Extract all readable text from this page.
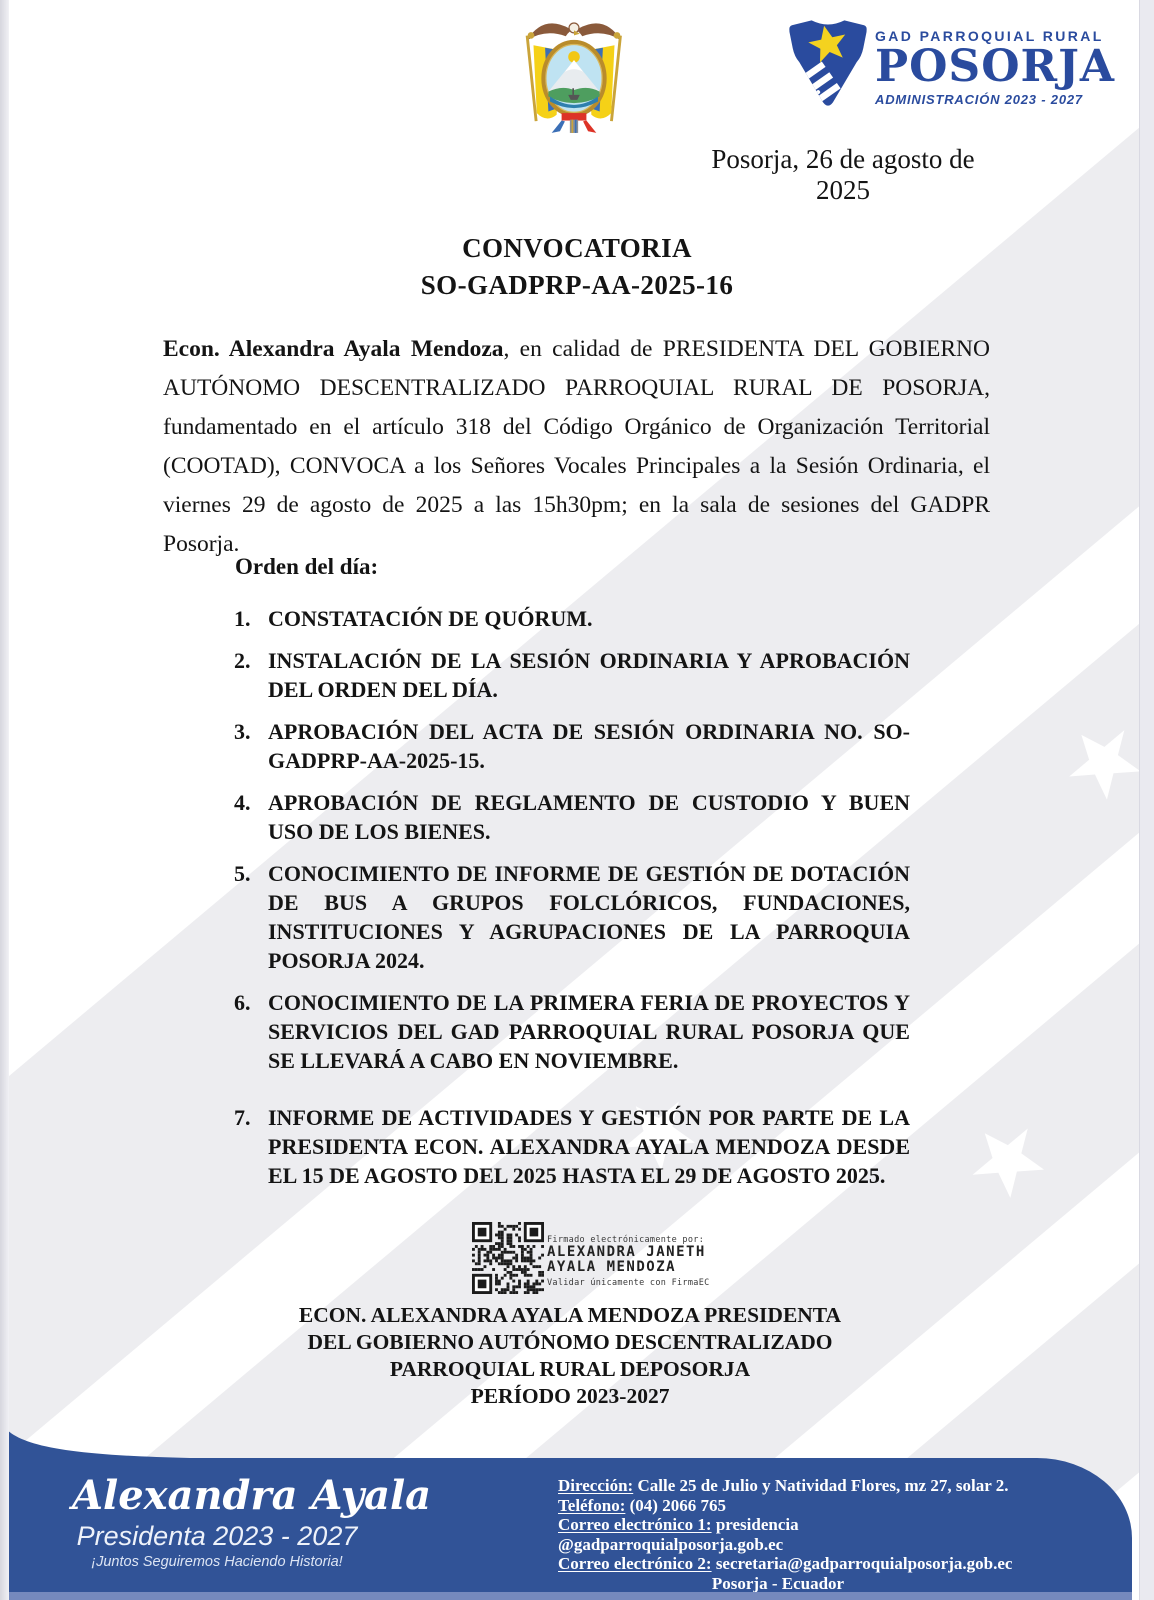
GAD PARROQUIAL RURAL
POSORJA
ADMINISTRACIÓN 2023 - 2027
Posorja, 26 de agosto de 2025
CONVOCATORIA
SO-GADPRP-AA-2025-16

Econ. Alexandra Ayala Mendoza, en calidad de PRESIDENTA DEL GOBIERNO AUTÓNOMO DESCENTRALIZADO PARROQUIAL RURAL DE POSORJA, fundamentado en el artículo 318 del Código Orgánico de Organización Territorial (COOTAD), CONVOCA a los Señores Vocales Principales a la Sesión Ordinaria, el viernes 29 de agosto de 2025 a las 15h30pm; en la sala de sesiones del GADPR Posorja.

Orden del día:
1. CONSTATACIÓN DE QUÓRUM.
2. INSTALACIÓN DE LA SESIÓN ORDINARIA Y APROBACIÓN DEL ORDEN DEL DÍA.
3. APROBACIÓN DEL ACTA DE SESIÓN ORDINARIA NO. SO-GADPRP-AA-2025-15.
4. APROBACIÓN DE REGLAMENTO DE CUSTODIO Y BUEN USO DE LOS BIENES.
5. CONOCIMIENTO DE INFORME DE GESTIÓN DE DOTACIÓN DE BUS A GRUPOS FOLCLÓRICOS, FUNDACIONES, INSTITUCIONES Y AGRUPACIONES DE LA PARROQUIA POSORJA 2024.
6. CONOCIMIENTO DE LA PRIMERA FERIA DE PROYECTOS Y SERVICIOS DEL GAD PARROQUIAL RURAL POSORJA QUE SE LLEVARÁ A CABO EN NOVIEMBRE.
7. INFORME DE ACTIVIDADES Y GESTIÓN POR PARTE DE LA PRESIDENTA ECON. ALEXANDRA AYALA MENDOZA DESDE EL 15 DE AGOSTO DEL 2025 HASTA EL 29 DE AGOSTO 2025.
Firmado electrónicamente por:
ALEXANDRA JANETH
AYALA MENDOZA
Validar únicamente con FirmaEC
ECON. ALEXANDRA AYALA MENDOZA PRESIDENTA
DEL GOBIERNO AUTÓNOMO DESCENTRALIZADO
PARROQUIAL RURAL DEPOSORJA
PERÍODO 2023-2027
Alexandra Ayala
Presidenta 2023 - 2027
¡Juntos Seguiremos Haciendo Historia!
Dirección: Calle 25 de Julio y Natividad Flores, mz 27, solar 2.
Teléfono: (04) 2066 765
Correo electrónico 1: presidencia @gadparroquialposorja.gob.ec
Correo electrónico 2: secretaria@gadparroquialposorja.gob.ec
Posorja - Ecuador
